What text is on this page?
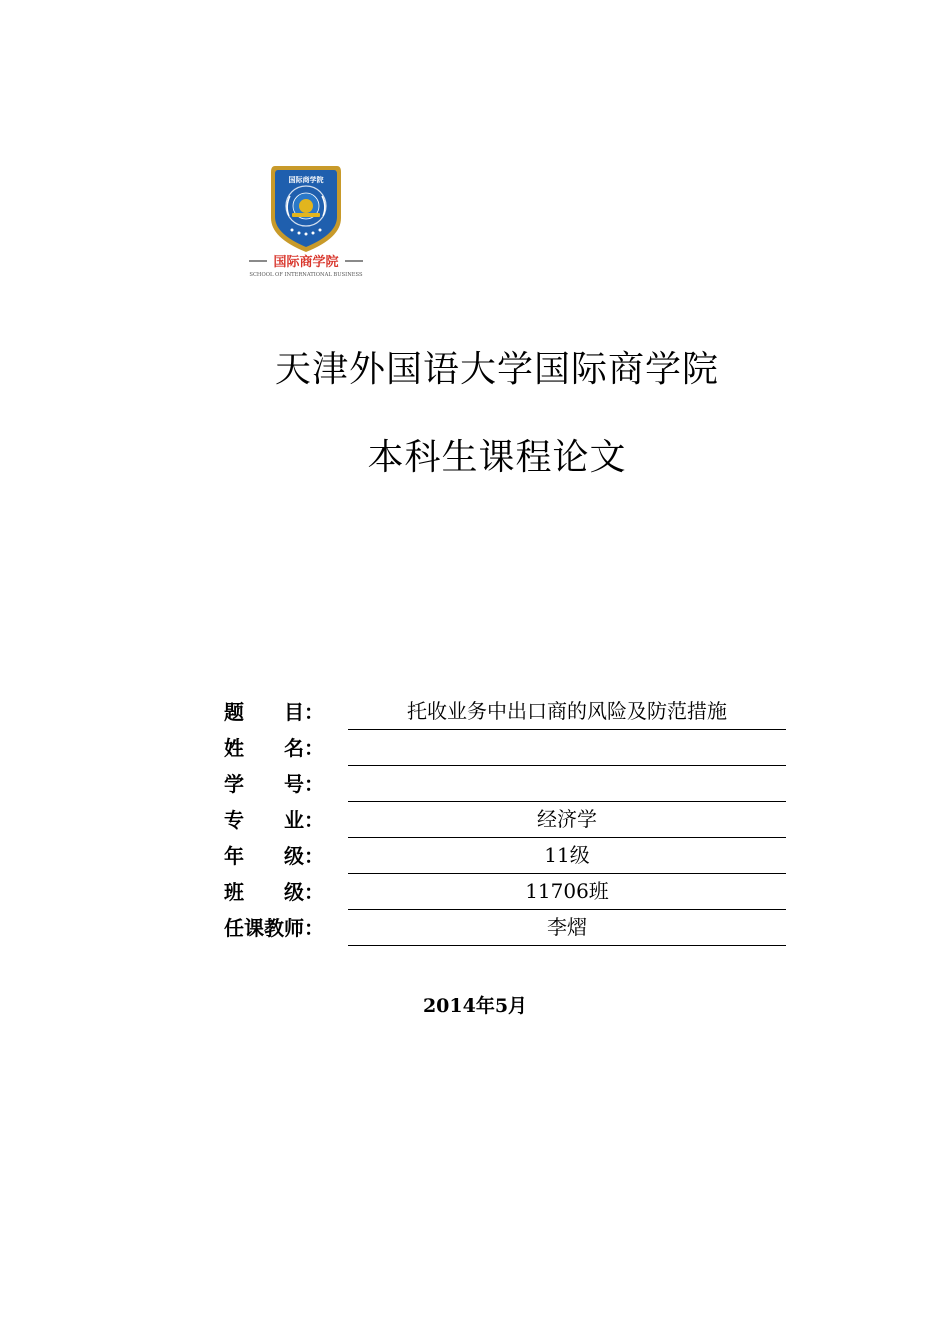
国际商学院
国际商学院
SCHOOL OF INTERNATIONAL BUSINESS
天津外国语大学国际商学院
本科生课程论文
题　　目：	托收业务中出口商的风险及防范措施
姓　　名：
学　　号：
专　　业：	经济学
年　　级：	11级
班　　级：	11706班
任课教师：	李熠
2014年5月
